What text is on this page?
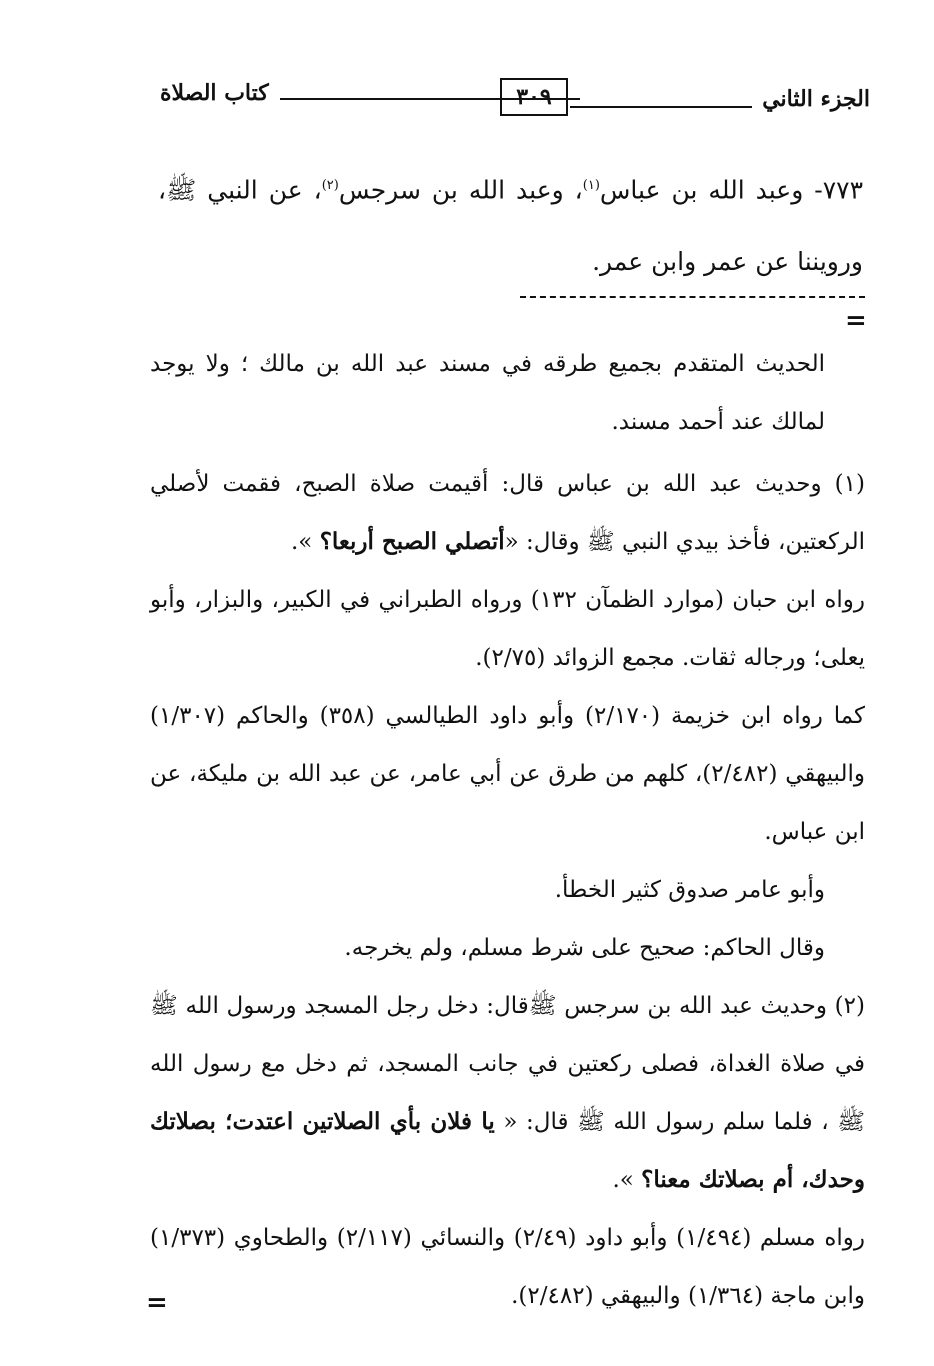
الجزء الثاني
٣٠٩
كتاب الصلاة
٧٧٣- وعبد الله بن عباس$^{(١)}$، وعبد الله بن سرجس$^{(٢)}$، عن النبي ﷺ، ورويننا عن عمر وابن عمر.
=
الحديث المتقدم بجميع طرقه في مسند عبد الله بن مالك ؛ ولا يوجد لمالك عند أحمد مسند.
(١) وحديث عبد الله بن عباس قال: أقيمت صلاة الصبح، فقمت لأصلي الركعتين، فأخذ بيدي النبي ﷺ وقال: «أتصلي الصبح أربعا؟ ».
رواه ابن حبان (موارد الظمآن ١٣٢) ورواه الطبراني في الكبير، والبزار، وأبو يعلى؛ ورجاله ثقات. مجمع الزوائد (٢/٧٥).
كما رواه ابن خزيمة (٢/١٧٠) وأبو داود الطيالسي (٣٥٨) والحاكم (١/٣٠٧) والبيهقي (٢/٤٨٢)، كلهم من طرق عن أبي عامر، عن عبد الله بن مليكة، عن ابن عباس.
وأبو عامر صدوق كثير الخطأ.
وقال الحاكم: صحيح على شرط مسلم، ولم يخرجه.
(٢) وحديث عبد الله بن سرجس ﷺقال: دخل رجل المسجد ورسول الله ﷺ في صلاة الغداة، فصلى ركعتين في جانب المسجد، ثم دخل مع رسول الله ﷺ ، فلما سلم رسول الله ﷺ قال: « يا فلان بأي الصلاتين اعتدت؛ بصلاتك وحدك، أم بصلاتك معنا؟ ».
رواه مسلم (١/٤٩٤) وأبو داود (٢/٤٩) والنسائي (٢/١١٧) والطحاوي (١/٣٧٣) وابن ماجة (١/٣٦٤) والبيهقي (٢/٤٨٢).
=
